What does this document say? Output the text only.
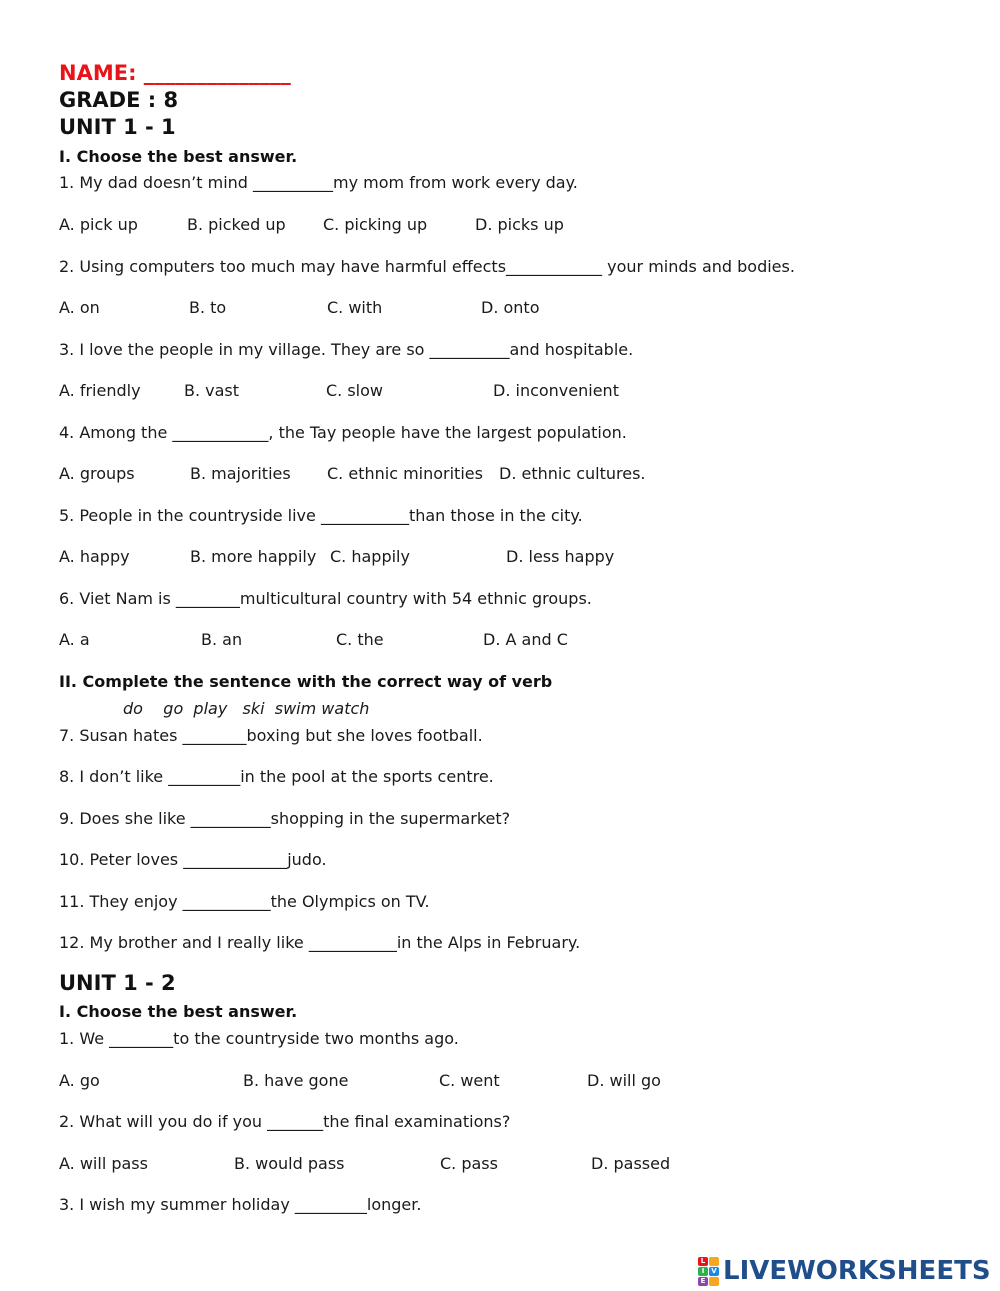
NAME: ______________
GRADE : 8
UNIT 1 - 1
I. Choose the best answer.
1. My dad doesn’t mind __________my mom from work every day.
A. pick up	B. picked up C. picking up	D. picks up
2. Using computers too much may have harmful effects____________ your minds and bodies.
A. on	B. to	C. with	D. onto
3. I love the people in my village. They are so __________and hospitable.
A. friendly	B. vast	C. slow	D. inconvenient
4. Among the ____________, the Tay people have the largest population.
A. groups	B. majorities C. ethnic minorities D. ethnic cultures.
5. People in the countryside live ___________than those in the city.
A. happy	B. more happily C. happily	D. less happy
6. Viet Nam is ________multicultural country with 54 ethnic groups.
A. a	B. an	C. the	D. A and C
II. Complete the sentence with the correct way of verb
do    go  play   ski  swim watch
7. Susan hates ________boxing but she loves football.
8. I don’t like _________in the pool at the sports centre.
9. Does she like __________shopping in the supermarket?
10. Peter loves _____________judo.
11. They enjoy ___________the Olympics on TV.
12. My brother and I really like ___________in the Alps in February.
UNIT 1 - 2
I. Choose the best answer.
1. We ________to the countryside two months ago.
A. go	B. have gone	C. went	D. will go
2. What will you do if you _______the final examinations?
A. will pass	B. would pass	C. pass	D. passed
3. I wish my summer holiday _________longer.
L
I V
E LIVEWORKSHEETS
